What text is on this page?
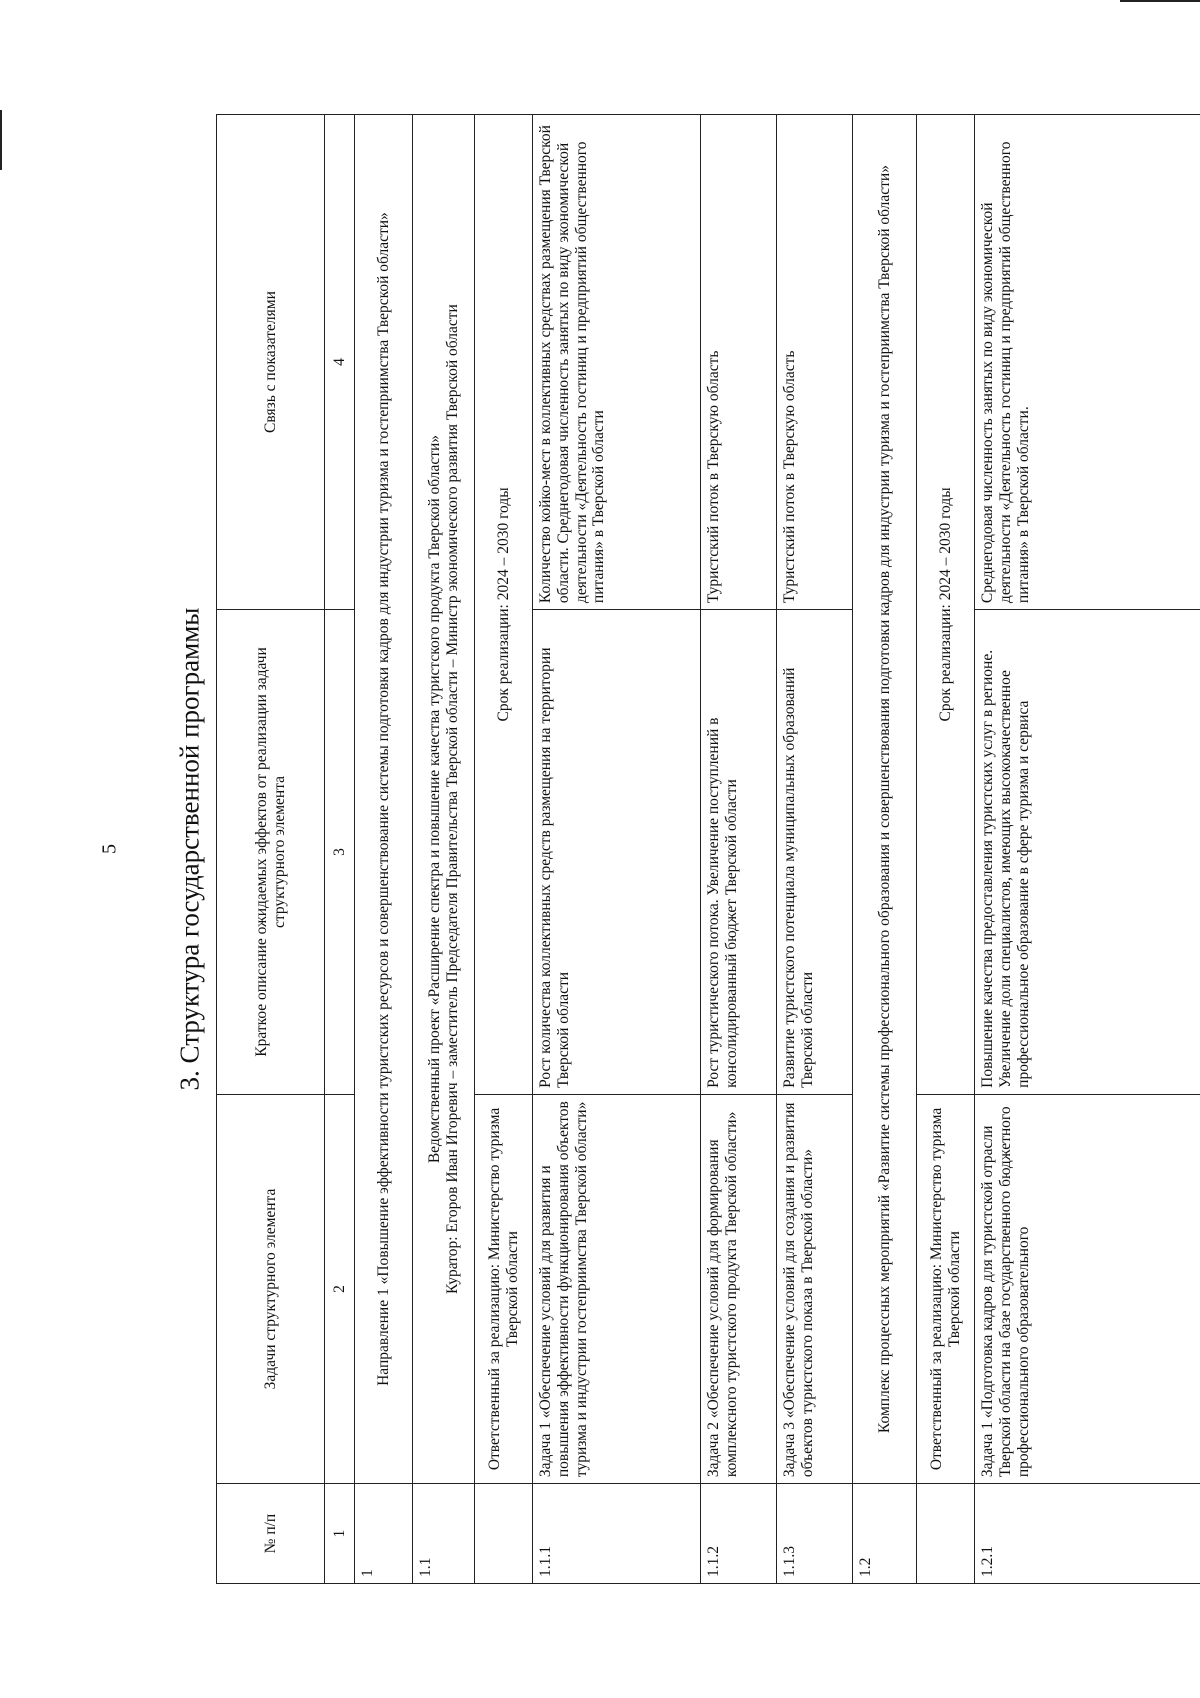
5 3. Структура государственной программы
№ п/п	Задачи структурного элемента	Краткое описание ожидаемых эффектов от реализации задачи структурного элемента	Связь с показателями
1	2	3	4
1	Направление 1 «Повышение эффективности туристских ресурсов и совершенствование системы подготовки кадров для индустрии туризма и гостеприимства Тверской области»		
1.1	Ведомственный проект «Расширение спектра и повышение качества туристского продукта Тверской области» Куратор: Егоров Иван Игоревич – заместитель Председателя Правительства Тверской области – Министр экономического развития Тверской области		

	Ответственный за реализацию: Министерство туризма Тверской области	Срок реализации: 2024 – 2030 годы	
1.1.1	Задача 1 «Обеспечение условий для развития и повышения эффективности функционирования объектов туризма и индустрии гостеприимства Тверской области»	Рост количества коллективных средств размещения на территории Тверской области	Количество койко-мест в коллективных средствах размещения Тверской области. Среднегодовая численность занятых по виду экономической деятельности «Деятельность гостиниц и предприятий общественного питания» в Тверской области
1.1.2	Задача 2 «Обеспечение условий для формирования комплексного туристского продукта Тверской области»	Рост туристического потока. Увеличение поступлений в консолидированный бюджет Тверской области	Туристский поток в Тверскую область
1.1.3	Задача 3 «Обеспечение условий для создания и развития объектов туристского показа в Тверской области»	Развитие туристского потенциала муниципальных образований Тверской области	Туристский поток в Тверскую область
1.2	Комплекс процессных мероприятий «Развитие системы профессионального образования и совершенствования подготовки кадров для индустрии туризма и гостеприимства Тверской области»		
	Ответственный за реализацию: Министерство туризма Тверской области	Срок реализации: 2024 – 2030 годы	
1.2.1	Задача 1 «Подготовка кадров для туристской отрасли Тверской области на базе государственного бюджетного профессионального образовательного	Повышение качества предоставления туристских услуг в регионе. Увеличение доли специалистов, имеющих высококачественное профессиональное образование в сфере туризма и сервиса	Среднегодовая численность занятых по виду экономической деятельности «Деятельность гостиниц и предприятий общественного питания» в Тверской области.
